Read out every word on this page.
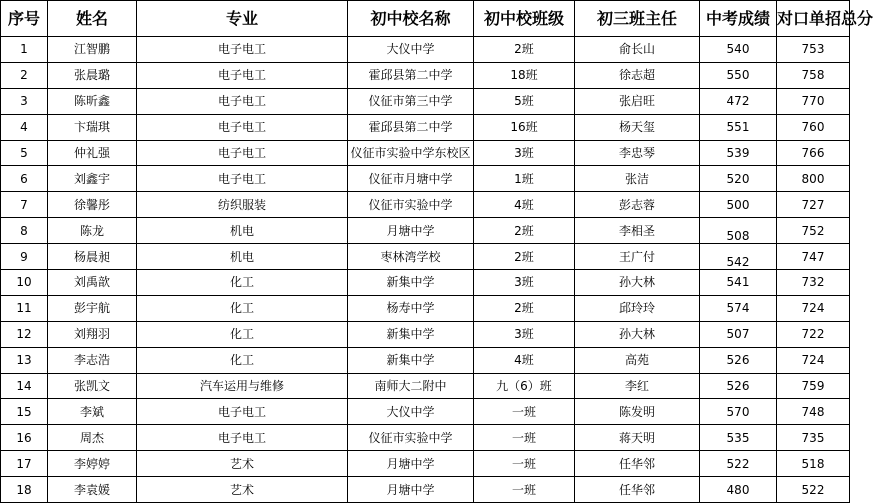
序号	姓名	专业	初中校名称	初中校班级	初三班主任	中考成绩	对口单招总分
1	江智鹏	电子电工	大仪中学	2班	俞长山	540	753
2	张晨璐	电子电工	霍邱县第二中学	18班	徐志超	550	758
3	陈昕鑫	电子电工	仪征市第三中学	5班	张启旺	472	770
4	卞瑞琪	电子电工	霍邱县第二中学	16班	杨天玺	551	760
5	仲礼强	电子电工	仪征市实验中学东校区	3班	李忠琴	539	766
6	刘鑫宇	电子电工	仪征市月塘中学	1班	张洁	520	800
7	徐馨彤	纺织服装	仪征市实验中学	4班	彭志蓉	500	727
8	陈龙	机电	月塘中学	2班	李相圣	508	752
9	杨晨昶	机电	枣林湾学校	2班	王广付	542	747
10	刘禹歆	化工	新集中学	3班	孙大林	541	732
11	彭宇航	化工	杨寿中学	2班	邱玲玲	574	724
12	刘翔羽	化工	新集中学	3班	孙大林	507	722
13	李志浩	化工	新集中学	4班	高苑	526	724
14	张凯文	汽车运用与维修	南师大二附中	九（6）班	李红	526	759
15	李斌	电子电工	大仪中学	一班	陈发明	570	748
16	周杰	电子电工	仪征市实验中学	一班	蒋天明	535	735
17	李婷婷	艺术	月塘中学	一班	任华邻	522	518
18	李袁媛	艺术	月塘中学	一班	任华邻	480	522
